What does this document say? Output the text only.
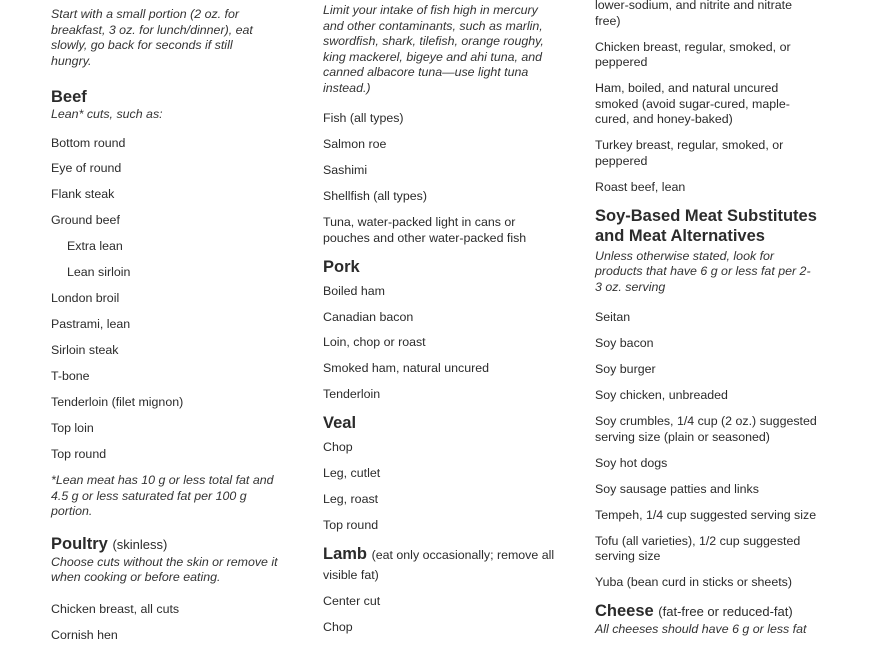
Start with a small portion (2 oz. for breakfast, 3 oz. for lunch/dinner), eat slowly, go back for seconds if still hungry.
Beef
Lean* cuts, such as:
Bottom round
Eye of round
Flank steak
Ground beef
Extra lean
Lean sirloin
London broil
Pastrami, lean
Sirloin steak
T-bone
Tenderloin (filet mignon)
Top loin
Top round
*Lean meat has 10 g or less total fat and 4.5 g or less saturated fat per 100 g portion.
Poultry (skinless)
Choose cuts without the skin or remove it when cooking or before eating.
Chicken breast, all cuts
Cornish hen
Limit your intake of fish high in mercury and other contaminants, such as marlin, swordfish, shark, tilefish, orange roughy, king mackerel, bigeye and ahi tuna, and canned albacore tuna—use light tuna instead.)
Fish (all types)
Salmon roe
Sashimi
Shellfish (all types)
Tuna, water-packed light in cans or pouches and other water-packed fish
Pork
Boiled ham
Canadian bacon
Loin, chop or roast
Smoked ham, natural uncured
Tenderloin
Veal
Chop
Leg, cutlet
Leg, roast
Top round
Lamb (eat only occasionally; remove all visible fat)
Center cut
Chop
lower-sodium, and nitrite and nitrate free)
Chicken breast, regular, smoked, or peppered
Ham, boiled, and natural uncured smoked (avoid sugar-cured, maple-cured, and honey-baked)
Turkey breast, regular, smoked, or peppered
Roast beef, lean
Soy-Based Meat Substitutes and Meat Alternatives
Unless otherwise stated, look for products that have 6 g or less fat per 2-3 oz. serving
Seitan
Soy bacon
Soy burger
Soy chicken, unbreaded
Soy crumbles, 1/4 cup (2 oz.) suggested serving size (plain or seasoned)
Soy hot dogs
Soy sausage patties and links
Tempeh, 1/4 cup suggested serving size
Tofu (all varieties), 1/2 cup suggested serving size
Yuba (bean curd in sticks or sheets)
Cheese (fat-free or reduced-fat)
All cheeses should have 6 g or less fat
